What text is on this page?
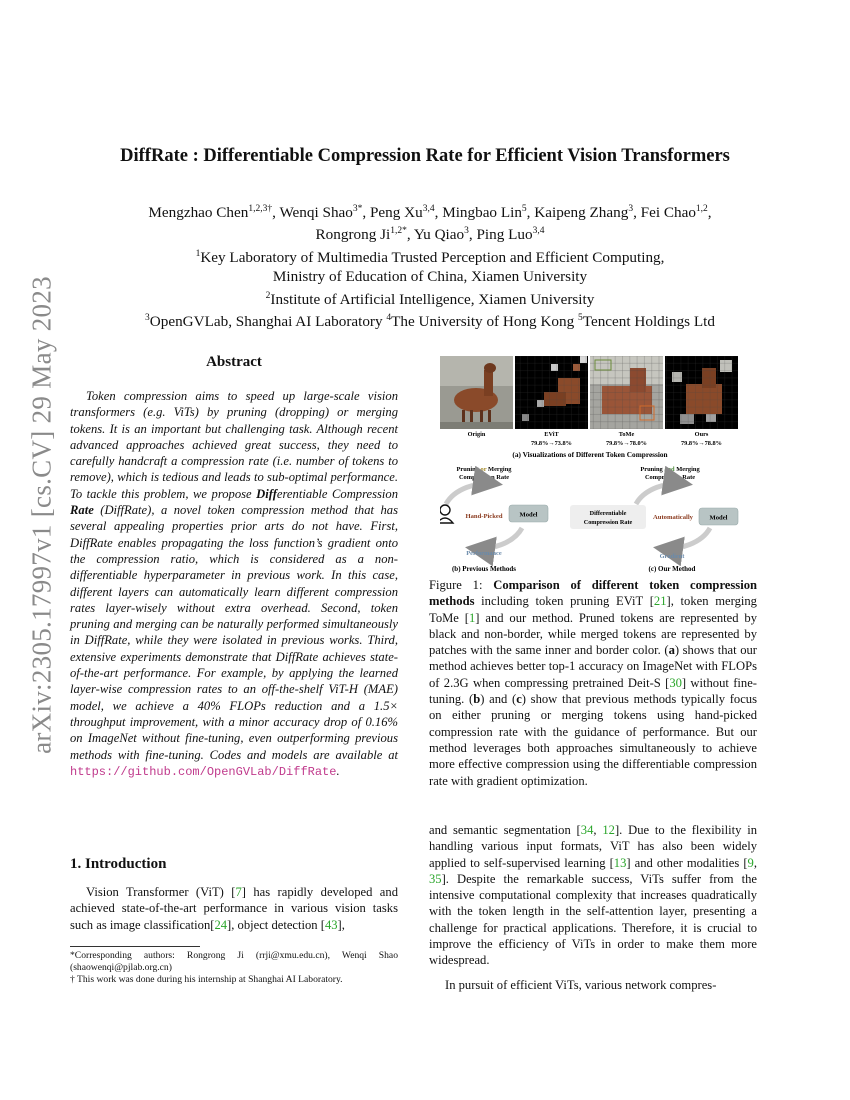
arXiv:2305.17997v1 [cs.CV] 29 May 2023
DiffRate : Differentiable Compression Rate for Efficient Vision Transformers
Mengzhao Chen$^{1,2,3\dagger}$, Wenqi Shao$^{3*}$, Peng Xu$^{3,4}$, Mingbao Lin$^5$, Kaipeng Zhang$^3$, Fei Chao$^{1,2}$,
Rongrong $Ji^{1,2*}$, Yu Qiao$^3$, Ping Luo$^{3,4}$
$^1$Key Laboratory of Multimedia Trusted Perception and Efficient Computing,
Ministry of Education of China, Xiamen University
$^2$Institute of Artificial Intelligence, Xiamen University
$^3$OpenGVLab, Shanghai AI Laboratory $^4$The University of Hong Kong $^5$Tencent Holdings Ltd
Abstract

Token compression aims to speed up large-scale vision transformers (e.g. ViTs) by pruning (dropping) or merging tokens. It is an important but challenging task. Although recent advanced approaches achieved great success, they need to carefully handcraft a compression rate (i.e. number of tokens to remove), which is tedious and leads to sub-optimal performance. To tackle this problem, we propose Differentiable Compression Rate (DiffRate), a novel token compression method that has several appealing properties prior arts do not have. First, DiffRate enables propagating the loss function’s gradient onto the compression ratio, which is considered as a non-differentiable hyperparameter in previous work. In this case, different layers can automatically learn different compression rates layer-wisely without extra overhead. Second, token pruning and merging can be naturally performed simultaneously in DiffRate, while they were isolated in previous works. Third, extensive experiments demonstrate that DiffRate achieves state-of-the-art performance. For example, by applying the learned layer-wise compression rates to an off-the-shelf ViT-H (MAE) model, we achieve a 40% FLOPs reduction and a 1.5× throughput improvement, with a minor accuracy drop of 0.16% on ImageNet without fine-tuning, even outperforming previous methods with fine-tuning. Codes and models are available at https://github.com/OpenGVLab/DiffRate.

1. Introduction

Vision Transformer (ViT) [7] has rapidly developed and achieved state-of-the-art performance in various vision tasks such as image classification[24], object detection [43],

*Corresponding authors: Rongrong Ji (rrji@xmu.edu.cn), Wenqi Shao (shaowenqi@pjlab.org.cn)

† This work was done during his internship at Shanghai AI Laboratory.

Origin	EViT	ToMe	Ours
79.8%→73.8%	79.8%→78.0%	79.8%→78.8%
(a) Visualizations of Different Token Compression
Pruning or Merging
Compression Rate
Hand-Picked	Model
Performance
(b) Previous Methods
Pruning and Merging
Compression Rate
Differentiable
Compression Rate
Automatically	Model
Gradient
(c) Our Method
Figure 1: Comparison of different token compression methods including token pruning EViT [21], token merging ToMe [1] and our method. Pruned tokens are represented by black and non-border, while merged tokens are represented by patches with the same inner and border color. (a) shows that our method achieves better top-1 accuracy on ImageNet with FLOPs of 2.3G when compressing pretrained Deit-S [30] without fine-tuning. (b) and (c) show that previous methods typically focus on either pruning or merging tokens using hand-picked compression rate with the guidance of performance. But our method leverages both approaches simultaneously to achieve more effective compression using the differentiable compression rate with gradient optimization.

and semantic segmentation [34, 12]. Due to the flexibility in handling various input formats, ViT has also been widely applied to self-supervised learning [13] and other modalities [9, 35]. Despite the remarkable success, ViTs suffer from the intensive computational complexity that increases quadratically with the token length in the self-attention layer, presenting a challenge for practical applications. Therefore, it is crucial to improve the efficiency of ViTs in order to make them more widespread.

In pursuit of efficient ViTs, various network compres-
